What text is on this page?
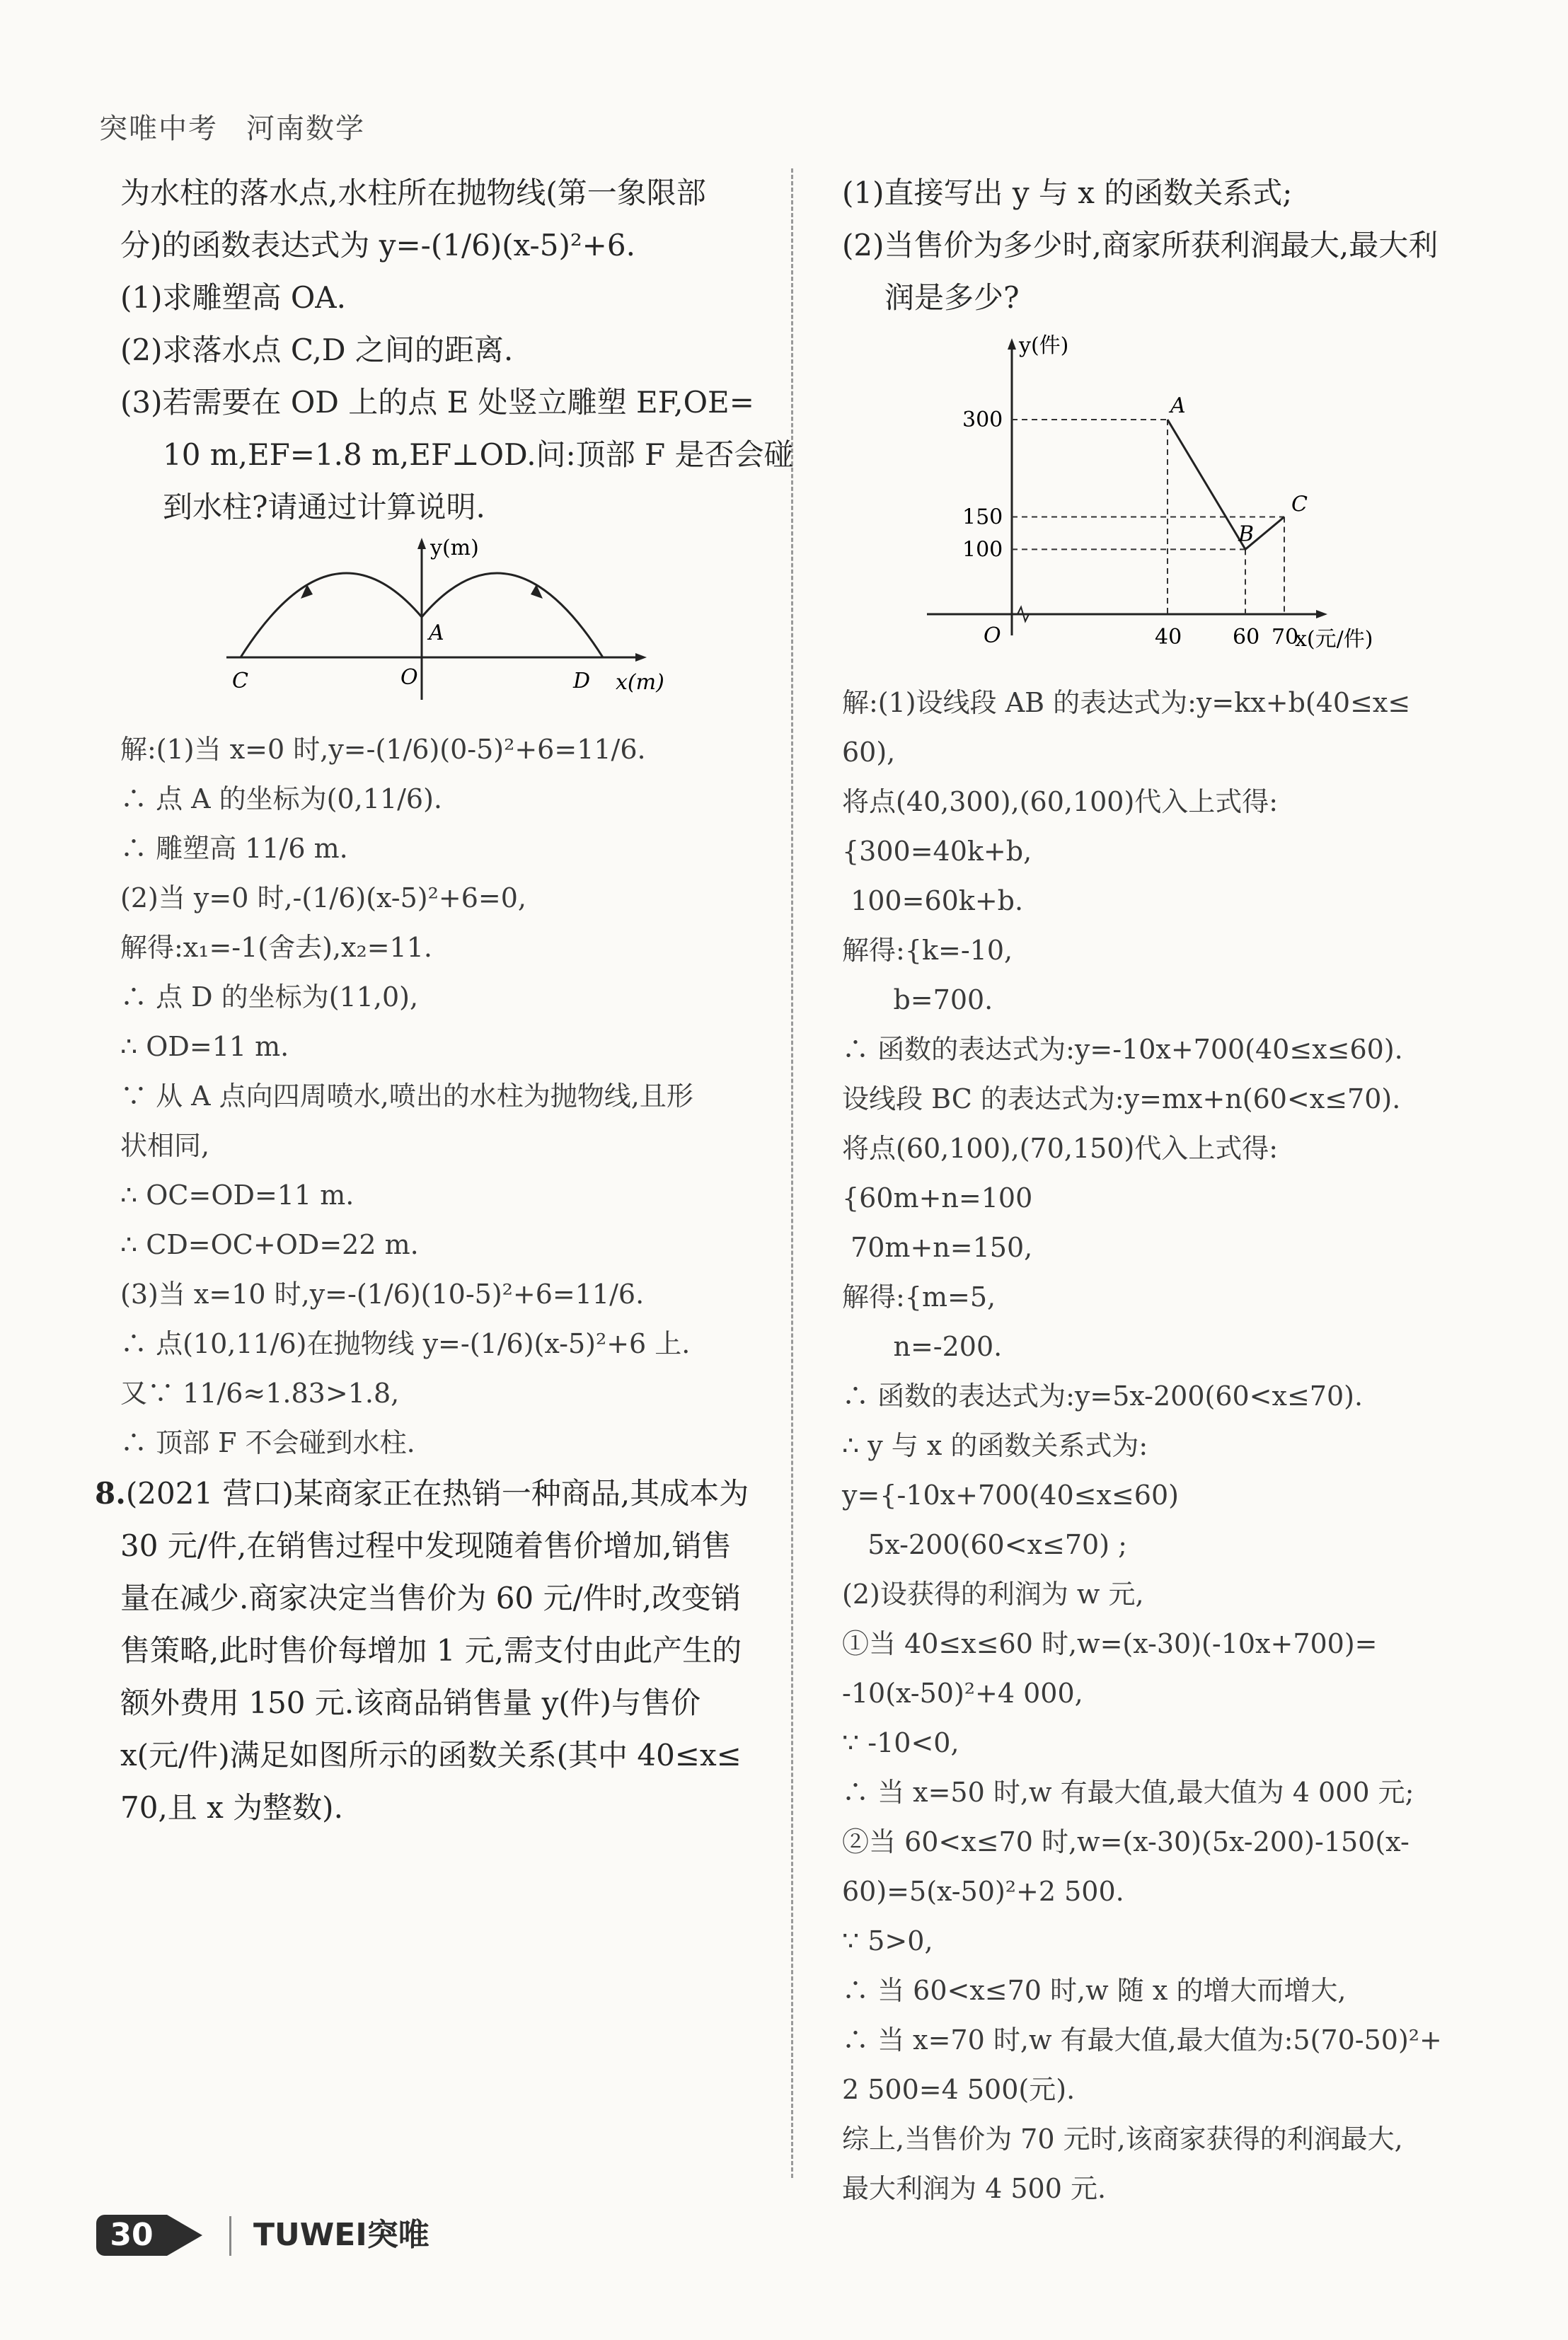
突唯中考 河南数学

为水柱的落水点,水柱所在抛物线(第一象限部

分)的函数表达式为 y=-(1/6)(x-5)²+6.

(1)求雕塑高 OA.

(2)求落水点 C,D 之间的距离.

(3)若需要在 OD 上的点 E 处竖立雕塑 EF,OE=

10 m,EF=1.8 m,EF⊥OD.问:顶部 F 是否会碰

到水柱?请通过计算说明.

y(m)
x(m)
A
O
C	D

解:(1)当 x=0 时,y=-(1/6)(0-5)²+6=11/6.

∴ 点 A 的坐标为(0,11/6).

∴ 雕塑高 11/6 m.

(2)当 y=0 时,-(1/6)(x-5)²+6=0,

解得:x₁=-1(舍去),x₂=11.

∴ 点 D 的坐标为(11,0),

∴ OD=11 m.

∵ 从 A 点向四周喷水,喷出的水柱为抛物线,且形

状相同,

∴ OC=OD=11 m.

∴ CD=OC+OD=22 m.

(3)当 x=10 时,y=-(1/6)(10-5)²+6=11/6.

∴ 点(10,11/6)在抛物线 y=-(1/6)(x-5)²+6 上.

又∵ 11/6≈1.83>1.8,

∴ 顶部 F 不会碰到水柱.

8.(2021 营口)某商家正在热销一种商品,其成本为

30 元/件,在销售过程中发现随着售价增加,销售

量在减少.商家决定当售价为 60 元/件时,改变销

售策略,此时售价每增加 1 元,需支付由此产生的

额外费用 150 元.该商品销售量 y(件)与售价

x(元/件)满足如图所示的函数关系(其中 40≤x≤

70,且 x 为整数).

(1)直接写出 y 与 x 的函数关系式;

(2)当售价为多少时,商家所获利润最大,最大利

润是多少?

y(件)
x(元/件)
O
A
B
C
40 60 70
100
150
300

解:(1)设线段 AB 的表达式为:y=kx+b(40≤x≤

60),

将点(40,300),(60,100)代入上式得:

{300=40k+b,

100=60k+b.

解得:{k=-10,

b=700.

∴ 函数的表达式为:y=-10x+700(40≤x≤60).

设线段 BC 的表达式为:y=mx+n(60<x≤70).

将点(60,100),(70,150)代入上式得:

{60m+n=100

70m+n=150,

解得:{m=5,

n=-200.

∴ 函数的表达式为:y=5x-200(60<x≤70).

∴ y 与 x 的函数关系式为:

y={-10x+700(40≤x≤60)

5x-200(60<x≤70) ;

(2)设获得的利润为 w 元,

①当 40≤x≤60 时,w=(x-30)(-10x+700)=

-10(x-50)²+4 000,

∵ -10<0,

∴ 当 x=50 时,w 有最大值,最大值为 4 000 元;

②当 60<x≤70 时,w=(x-30)(5x-200)-150(x-

60)=5(x-50)²+2 500.

∵ 5>0,

∴ 当 60<x≤70 时,w 随 x 的增大而增大,

∴ 当 x=70 时,w 有最大值,最大值为:5(70-50)²+

2 500=4 500(元).

综上,当售价为 70 元时,该商家获得的利润最大,

最大利润为 4 500 元.

30	TUWEI突唯
